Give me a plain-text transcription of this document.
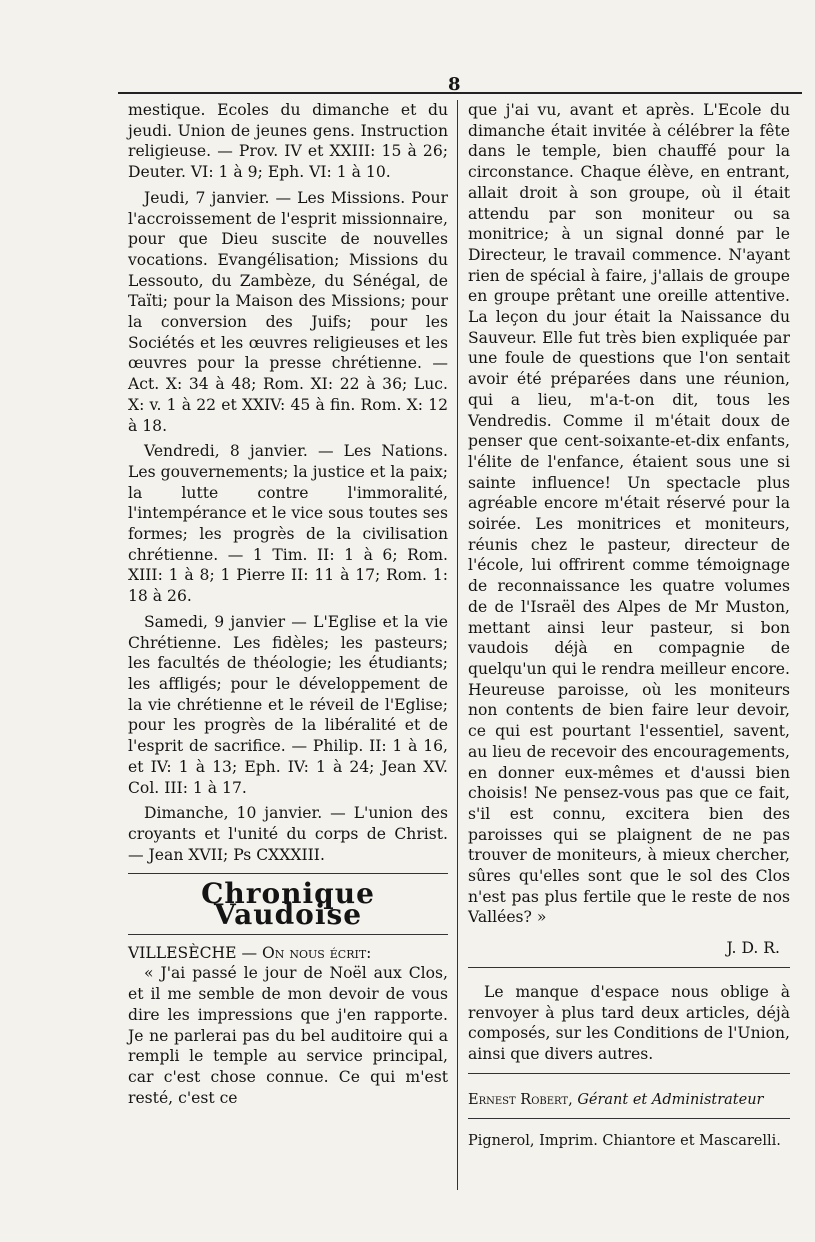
8

mestique. Ecoles du dimanche et du jeudi. Union de jeunes gens. Instruction religieuse. — Prov. IV et XXIII: 15 à 26; Deuter. VI: 1 à 9; Eph. VI: 1 à 10.

Jeudi, 7 janvier. — Les Missions. Pour l'accroissement de l'esprit missionnaire, pour que Dieu suscite de nouvelles vocations. Evangélisation; Missions du Lessouto, du Zambèze, du Sénégal, de Taïti; pour la Maison des Missions; pour la conversion des Juifs; pour les Sociétés et les œuvres religieuses et les œuvres pour la presse chrétienne. — Act. X: 34 à 48; Rom. XI: 22 à 36; Luc. X: v. 1 à 22 et XXIV: 45 à fin. Rom. X: 12 à 18.

Vendredi, 8 janvier. — Les Nations. Les gouvernements; la justice et la paix; la lutte contre l'immoralité, l'intempérance et le vice sous toutes ses formes; les progrès de la civilisation chrétienne. — 1 Tim. II: 1 à 6; Rom. XIII: 1 à 8; 1 Pierre II: 11 à 17; Rom. 1: 18 à 26.

Samedi, 9 janvier — L'Eglise et la vie Chrétienne. Les fidèles; les pasteurs; les facultés de théologie; les étudiants; les affligés; pour le développement de la vie chrétienne et le réveil de l'Eglise; pour les progrès de la libéralité et de l'esprit de sacrifice. — Philip. II: 1 à 16, et IV: 1 à 13; Eph. IV: 1 à 24; Jean XV. Col. III: 1 à 17.

Dimanche, 10 janvier. — L'union des croyants et l'unité du corps de Christ. — Jean XVII; Ps CXXXIII.

Chronique Vaudoise

VILLESÈCHE — On nous écrit:

« J'ai passé le jour de Noël aux Clos, et il me semble de mon devoir de vous dire les impressions que j'en rapporte. Je ne parlerai pas du bel auditoire qui a rempli le temple au service principal, car c'est chose connue. Ce qui m'est resté, c'est ce

que j'ai vu, avant et après. L'Ecole du dimanche était invitée à célébrer la fête dans le temple, bien chauffé pour la circonstance. Chaque élève, en entrant, allait droit à son groupe, où il était attendu par son moniteur ou sa monitrice; à un signal donné par le Directeur, le travail commence. N'ayant rien de spécial à faire, j'allais de groupe en groupe prêtant une oreille attentive. La leçon du jour était la Naissance du Sauveur. Elle fut très bien expliquée par une foule de questions que l'on sentait avoir été préparées dans une réunion, qui a lieu, m'a-t-on dit, tous les Vendredis. Comme il m'était doux de penser que cent-soixante-et-dix enfants, l'élite de l'enfance, étaient sous une si sainte influence! Un spectacle plus agréable encore m'était réservé pour la soirée. Les monitrices et moniteurs, réunis chez le pasteur, directeur de l'école, lui offrirent comme témoignage de reconnaissance les quatre volumes de de l'Israël des Alpes de Mr Muston, mettant ainsi leur pasteur, si bon vaudois déjà en compagnie de quelqu'un qui le rendra meilleur encore. Heureuse paroisse, où les moniteurs non contents de bien faire leur devoir, ce qui est pourtant l'essentiel, savent, au lieu de recevoir des encouragements, en donner eux-mêmes et d'aussi bien choisis! Ne pensez-vous pas que ce fait, s'il est connu, excitera bien des paroisses qui se plaignent de ne pas trouver de moniteurs, à mieux chercher, sûres qu'elles sont que le sol des Clos n'est pas plus fertile que le reste de nos Vallées? »

J. D. R.

Le manque d'espace nous oblige à renvoyer à plus tard deux articles, déjà composés, sur les Conditions de l'Union, ainsi que divers autres.

Ernest Robert, Gérant et Administrateur

Pignerol, Imprim. Chiantore et Mascarelli.
